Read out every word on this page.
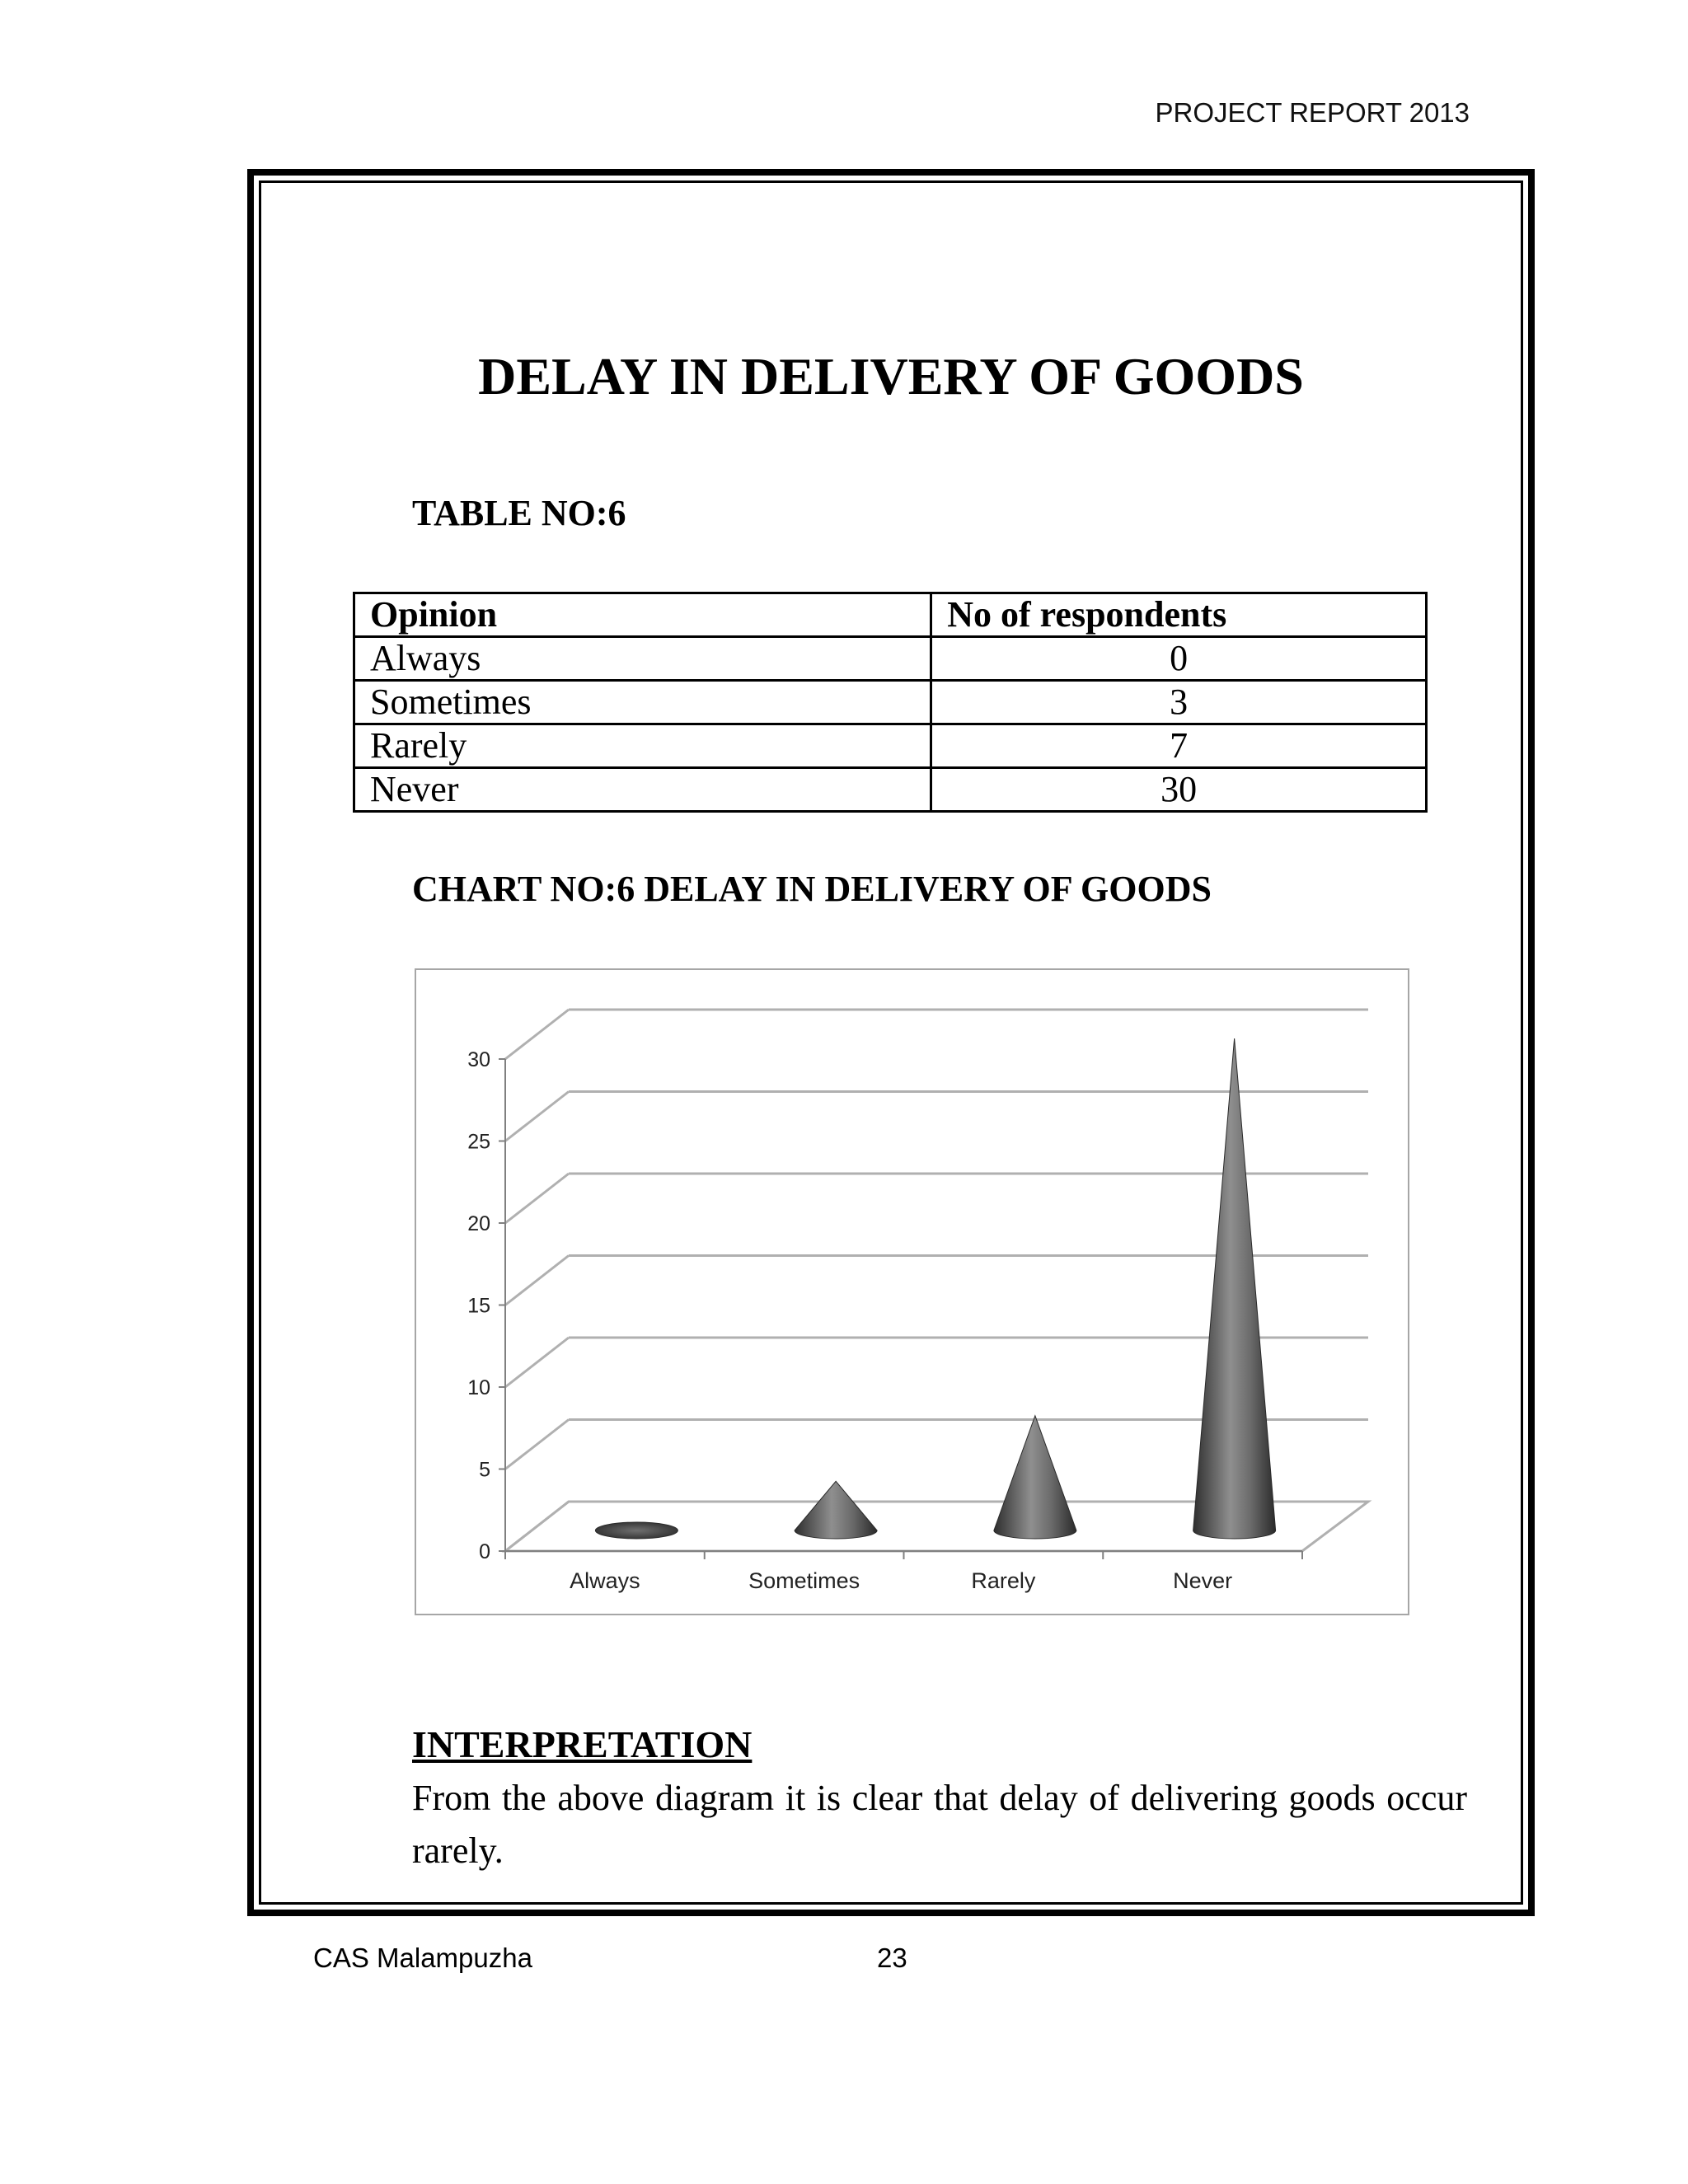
PROJECT REPORT 2013
DELAY IN DELIVERY OF GOODS
TABLE NO:6
Opinion	No of respondents
Always	0
Sometimes	3
Rarely	7
Never	30
CHART NO:6 DELAY IN DELIVERY OF GOODS
0
5
10
15
20
25
30
Always	Sometimes	Rarely	Never
INTERPRETATION
From the above diagram it is clear that delay of delivering goods occur rarely.
CAS Malampuzha	23
